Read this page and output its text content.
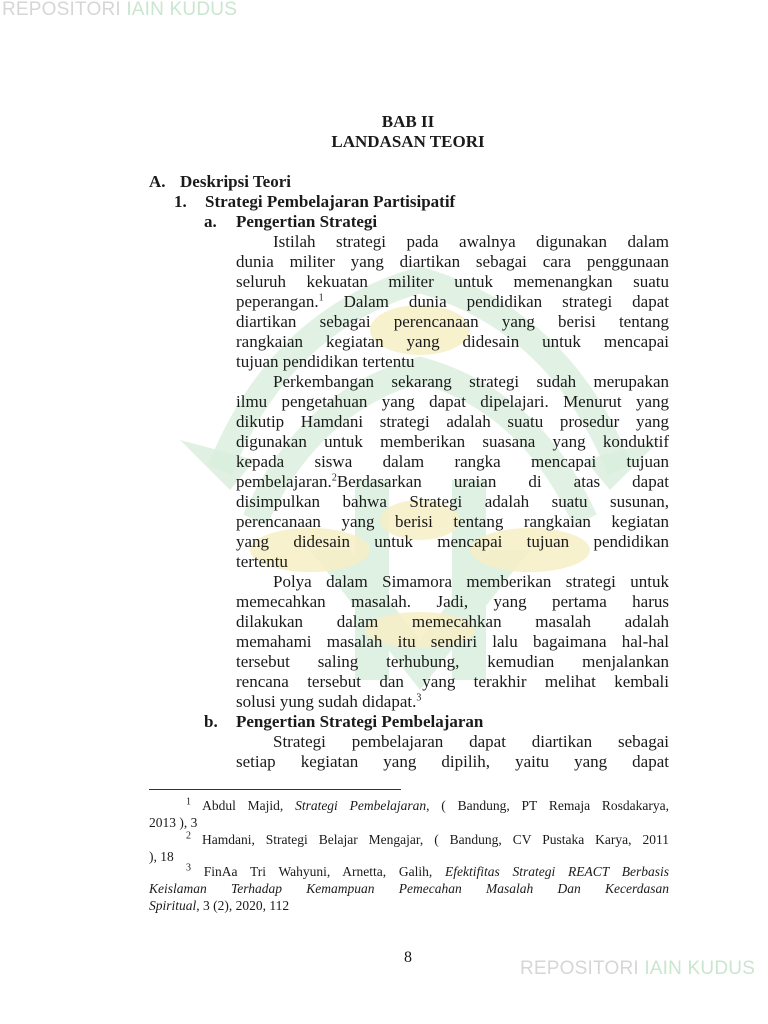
REPOSITORI IAIN KUDUS
REPOSITORI IAIN KUDUS
BAB II
LANDASAN TEORI
A. Deskripsi Teori
1. Strategi Pembelajaran Partisipatif
a. Pengertian Strategi
Istilah strategi pada awalnya digunakan dalam
dunia militer yang diartikan sebagai cara penggunaan
seluruh kekuatan militer untuk memenangkan suatu
peperangan.$^1$ Dalam dunia pendidikan strategi dapat
diartikan sebagai perencanaan yang berisi tentang
rangkaian kegiatan yang didesain untuk mencapai
tujuan pendidikan tertentu
Perkembangan sekarang strategi sudah merupakan
ilmu pengetahuan yang dapat dipelajari. Menurut yang
dikutip Hamdani strategi adalah suatu prosedur yang
digunakan untuk memberikan suasana yang konduktif
kepada siswa dalam rangka mencapai tujuan
pembelajaran.$^2$Berdasarkan uraian di atas dapat
disimpulkan bahwa Strategi adalah suatu susunan,
perencanaan yang berisi tentang rangkaian kegiatan
yang didesain untuk mencapai tujuan pendidikan
tertentu
Polya dalam Simamora memberikan strategi untuk
memecahkan masalah. Jadi, yang pertama harus
dilakukan dalam memecahkan masalah adalah
memahami masalah itu sendiri lalu bagaimana hal-hal
tersebut saling terhubung, kemudian menjalankan
rencana tersebut dan yang terakhir melihat kembali
solusi yung sudah didapat.$^3$
b. Pengertian Strategi Pembelajaran
Strategi pembelajaran dapat diartikan sebagai
setiap kegiatan yang dipilih, yaitu yang dapat
$^1$ Abdul Majid, Strategi Pembelajaran, ( Bandung, PT Remaja Rosdakarya,
2013 ), 3
$^2$ Hamdani, Strategi Belajar Mengajar, ( Bandung, CV Pustaka Karya, 2011
), 18
$^3$ FinAa Tri Wahyuni, Arnetta, Galih, Efektifitas Strategi REACT Berbasis
Keislaman Terhadap Kemampuan Pemecahan Masalah Dan Kecerdasan
Spiritual, 3 (2), 2020, 112
8
